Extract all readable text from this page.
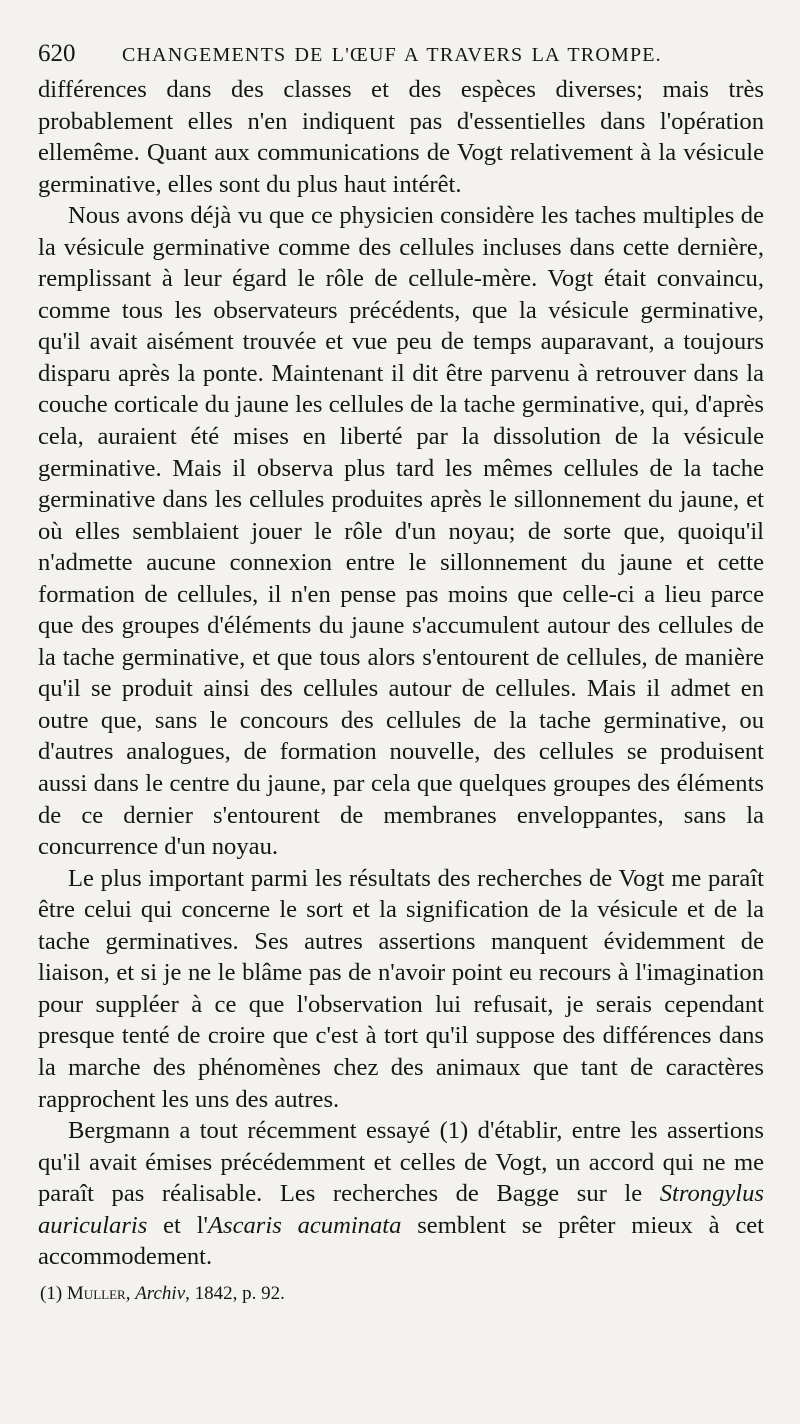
620	CHANGEMENTS DE L'ŒUF A TRAVERS LA TROMPE.

différences dans des classes et des espèces diverses; mais très probablement elles n'en indiquent pas d'essentielles dans l'opération ellemême. Quant aux communications de Vogt relativement à la vésicule germinative, elles sont du plus haut intérêt.

Nous avons déjà vu que ce physicien considère les taches multiples de la vésicule germinative comme des cellules incluses dans cette dernière, remplissant à leur égard le rôle de cellule-mère. Vogt était convaincu, comme tous les observateurs précédents, que la vésicule germinative, qu'il avait aisément trouvée et vue peu de temps auparavant, a toujours disparu après la ponte. Maintenant il dit être parvenu à retrouver dans la couche corticale du jaune les cellules de la tache germinative, qui, d'après cela, auraient été mises en liberté par la dissolution de la vésicule germinative. Mais il observa plus tard les mêmes cellules de la tache germinative dans les cellules produites après le sillonnement du jaune, et où elles semblaient jouer le rôle d'un noyau; de sorte que, quoiqu'il n'admette aucune connexion entre le sillonnement du jaune et cette formation de cellules, il n'en pense pas moins que celle-ci a lieu parce que des groupes d'éléments du jaune s'accumulent autour des cellules de la tache germinative, et que tous alors s'entourent de cellules, de manière qu'il se produit ainsi des cellules autour de cellules. Mais il admet en outre que, sans le concours des cellules de la tache germinative, ou d'autres analogues, de formation nouvelle, des cellules se produisent aussi dans le centre du jaune, par cela que quelques groupes des éléments de ce dernier s'entourent de membranes enveloppantes, sans la concurrence d'un noyau.

Le plus important parmi les résultats des recherches de Vogt me paraît être celui qui concerne le sort et la signification de la vésicule et de la tache germinatives. Ses autres assertions manquent évidemment de liaison, et si je ne le blâme pas de n'avoir point eu recours à l'imagination pour suppléer à ce que l'observation lui refusait, je serais cependant presque tenté de croire que c'est à tort qu'il suppose des différences dans la marche des phénomènes chez des animaux que tant de caractères rapprochent les uns des autres.

Bergmann a tout récemment essayé (1) d'établir, entre les assertions qu'il avait émises précédemment et celles de Vogt, un accord qui ne me paraît pas réalisable. Les recherches de Bagge sur le Strongylus auricularis et l'Ascaris acuminata semblent se prêter mieux à cet accommodement.

(1) Muller, Archiv, 1842, p. 92.
